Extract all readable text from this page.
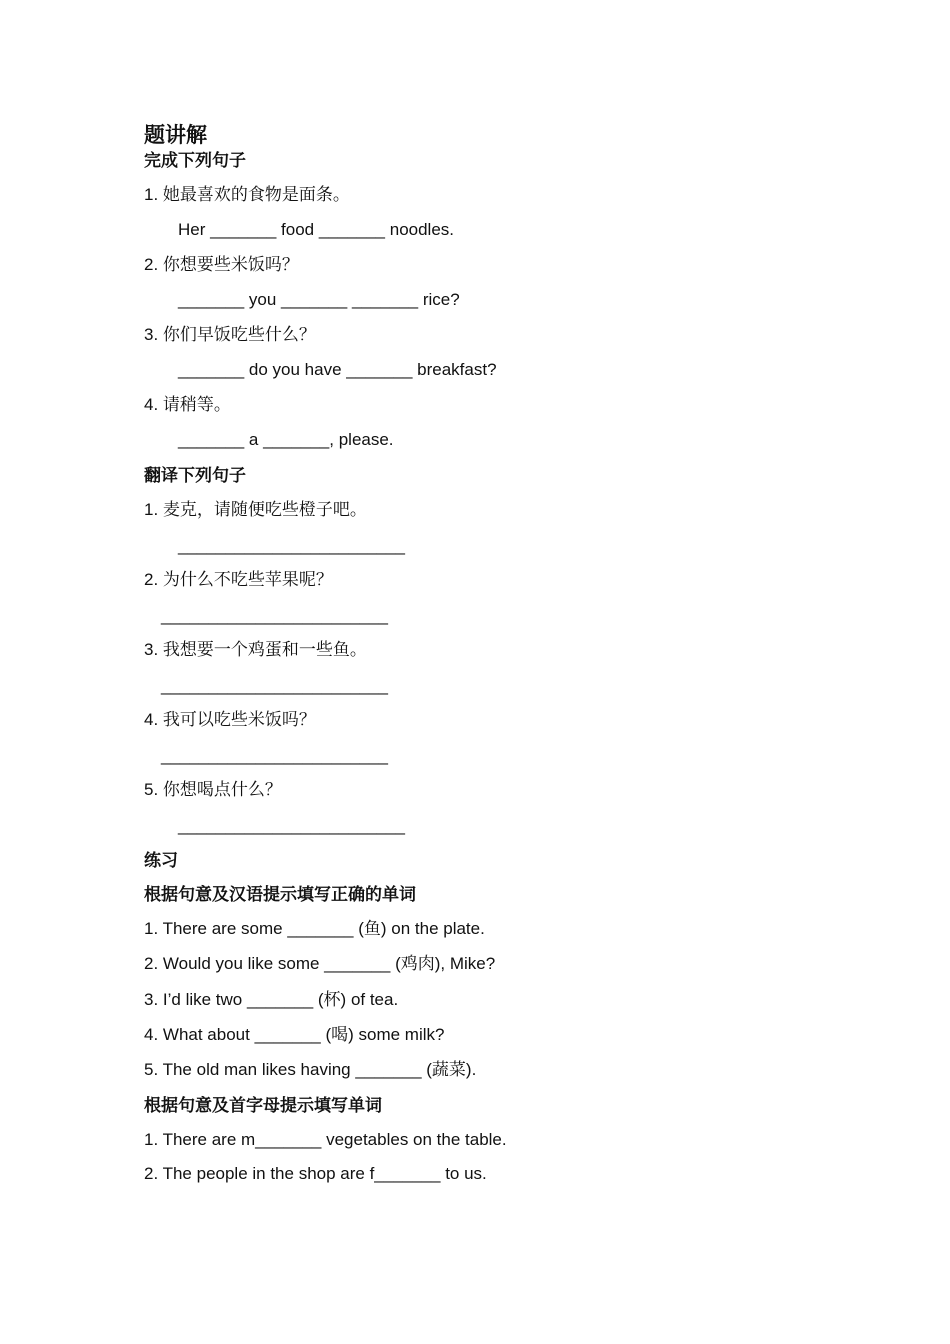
题讲解
完成下列句子
1. 她最喜欢的食物是面条。
Her _______ food _______ noodles.
2. 你想要些米饭吗？
_______ you _______ _______ rice?
3. 你们早饭吃些什么？
_______ do you have _______ breakfast?
4. 请稍等。
_______ a _______, please.
翻译下列句子
1. 麦克，请随便吃些橙子吧。
________________________
2. 为什么不吃些苹果呢？
________________________
3. 我想要一个鸡蛋和一些鱼。
________________________
4. 我可以吃些米饭吗？
________________________
5. 你想喝点什么？
________________________
练习
根据句意及汉语提示填写正确的单词
1. There are some _______ (鱼) on the plate.
2. Would you like some _______ (鸡肉), Mike?
3. I’d like two _______ (杯) of tea.
4. What about _______ (喝) some milk?
5. The old man likes having _______ (蔬菜).
根据句意及首字母提示填写单词
1. There are m_______ vegetables on the table.
2. The people in the shop are f_______ to us.
